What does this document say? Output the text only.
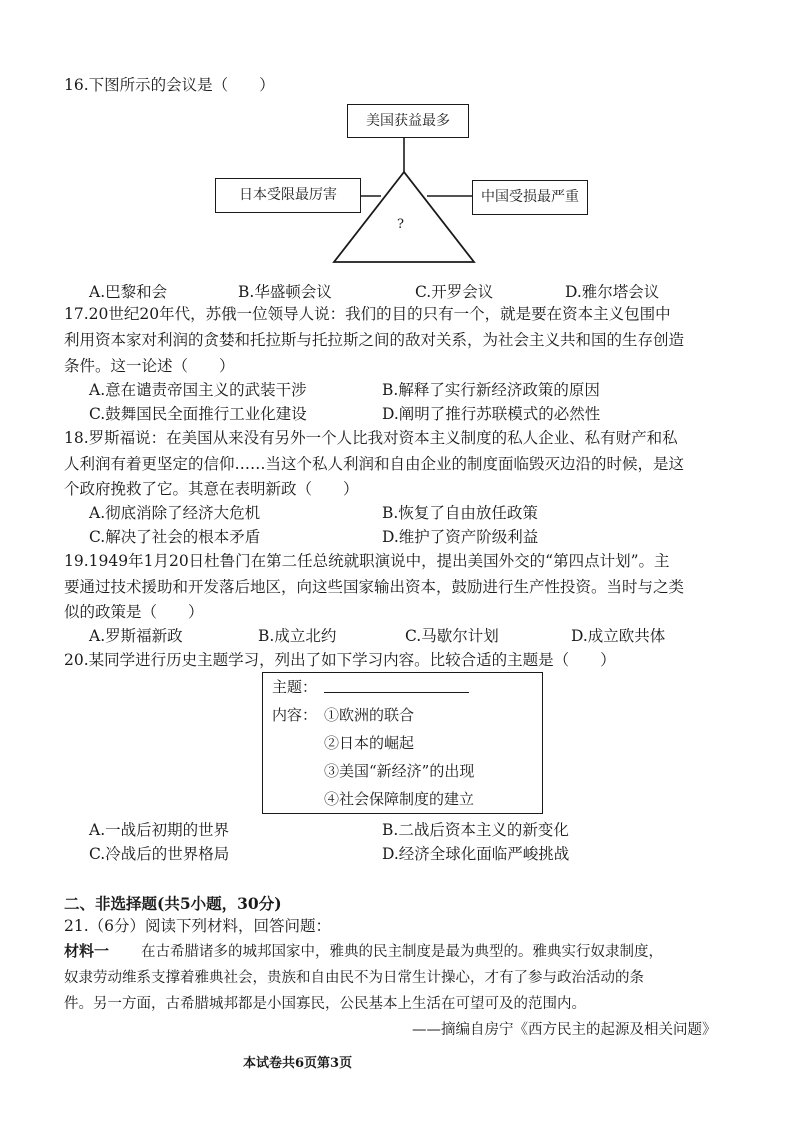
16.下图所示的会议是（　　）
美国获益最多
日本受限最厉害	中国受损最严重
?
A.巴黎和会	B.华盛顿会议	C.开罗会议	D.雅尔塔会议
17.20世纪20年代，苏俄一位领导人说：我们的目的只有一个，就是要在资本主义包围中
利用资本家对利润的贪婪和托拉斯与托拉斯之间的敌对关系，为社会主义共和国的生存创造
条件。这一论述（　　）
A.意在谴责帝国主义的武装干涉	B.解释了实行新经济政策的原因
C.鼓舞国民全面推行工业化建设	D.阐明了推行苏联模式的必然性
18.罗斯福说：在美国从来没有另外一个人比我对资本主义制度的私人企业、私有财产和私
人利润有着更坚定的信仰……当这个私人利润和自由企业的制度面临毁灭边沿的时候，是这
个政府挽救了它。其意在表明新政（　　）
A.彻底消除了经济大危机	B.恢复了自由放任政策
C.解决了社会的根本矛盾	D.维护了资产阶级利益
19.1949年1月20日杜鲁门在第二任总统就职演说中，提出美国外交的“第四点计划”。主
要通过技术援助和开发落后地区，向这些国家输出资本，鼓励进行生产性投资。当时与之类
似的政策是（　　）
A.罗斯福新政	B.成立北约	C.马歇尔计划	D.成立欧共体
20.某同学进行历史主题学习，列出了如下学习内容。比较合适的主题是（　　）
主题：
内容： ①欧洲的联合
②日本的崛起
③美国“新经济”的出现
④社会保障制度的建立
A.一战后初期的世界	B.二战后资本主义的新变化
C.冷战后的世界格局	D.经济全球化面临严峻挑战
二、非选择题(共5小题，30分)
21.（6分）阅读下列材料，回答问题：
材料一 在古希腊诸多的城邦国家中，雅典的民主制度是最为典型的。雅典实行奴隶制度，
奴隶劳动维系支撑着雅典社会，贵族和自由民不为日常生计操心，才有了参与政治活动的条
件。另一方面，古希腊城邦都是小国寡民，公民基本上生活在可望可及的范围内。
——摘编自房宁《西方民主的起源及相关问题》
本试卷共6页第3页
